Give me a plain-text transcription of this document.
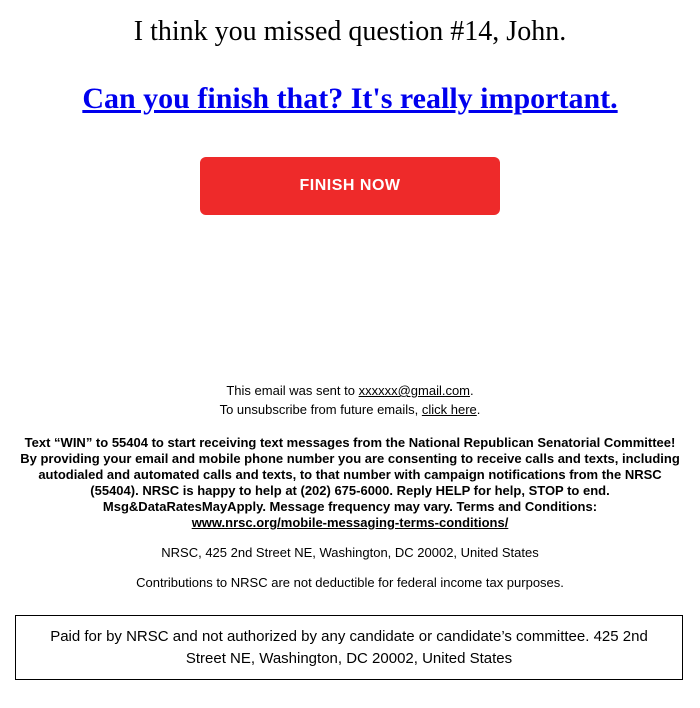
I think you missed question #14, John.
Can you finish that? It's really important.
FINISH NOW
This email was sent to xxxxxx@gmail.com.
To unsubscribe from future emails, click here.
Text “WIN” to 55404 to start receiving text messages from the National Republican Senatorial Committee! By providing your email and mobile phone number you are consenting to receive calls and texts, including autodialed and automated calls and texts, to that number with campaign notifications from the NRSC (55404). NRSC is happy to help at (202) 675-6000. Reply HELP for help, STOP to end. Msg&DataRatesMayApply. Message frequency may vary. Terms and Conditions:
www.nrsc.org/mobile-messaging-terms-conditions/
NRSC, 425 2nd Street NE, Washington, DC 20002, United States
Contributions to NRSC are not deductible for federal income tax purposes.
Paid for by NRSC and not authorized by any candidate or candidate’s committee. 425 2nd Street NE, Washington, DC 20002, United States
